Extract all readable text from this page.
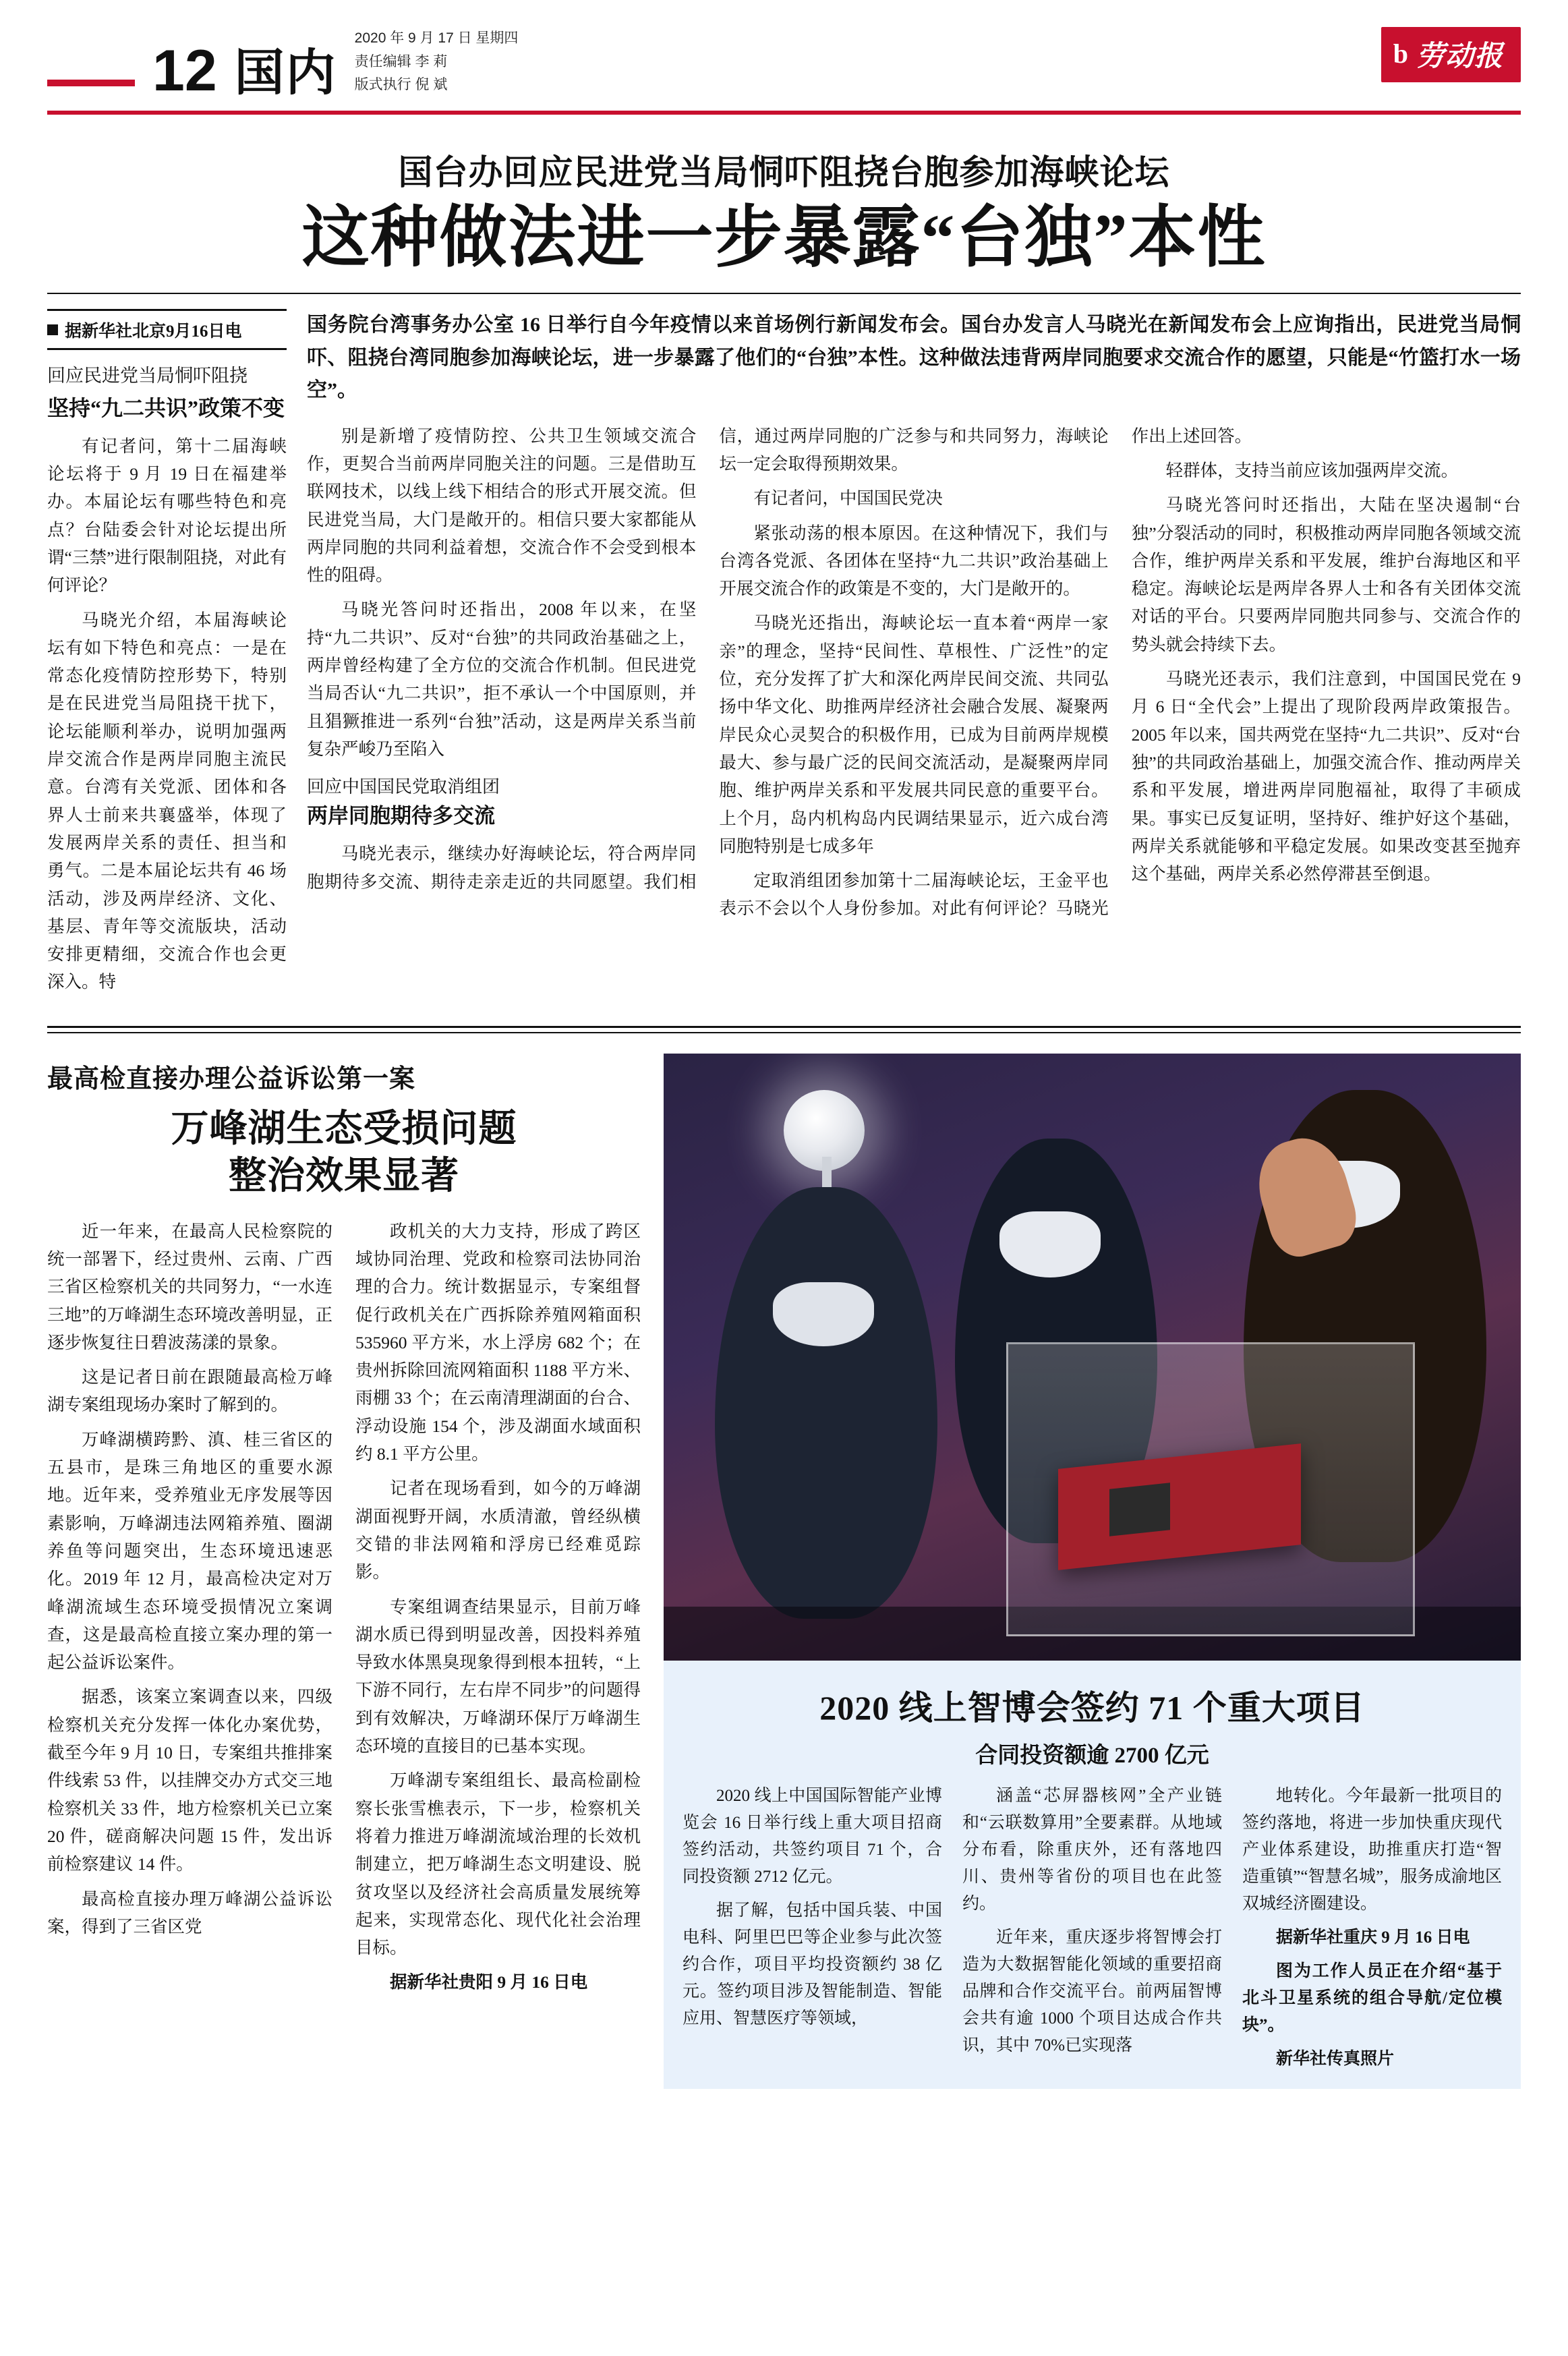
12 国内
2020 年 9 月 17 日 星期四
责任编辑 李 莉
版式执行 倪 斌
b 劳动报
国台办回应民进党当局恫吓阻挠台胞参加海峡论坛
这种做法进一步暴露“台独”本性
据新华社北京9月16日电
回应民进党当局恫吓阻挠
坚持“九二共识”政策不变

有记者问，第十二届海峡论坛将于 9 月 19 日在福建举办。本届论坛有哪些特色和亮点？台陆委会针对论坛提出所谓“三禁”进行限制阻挠，对此有何评论？

马晓光介绍，本届海峡论坛有如下特色和亮点：一是在常态化疫情防控形势下，特别是在民进党当局阻挠干扰下，论坛能顺利举办，说明加强两岸交流合作是两岸同胞主流民意。台湾有关党派、团体和各界人士前来共襄盛举，体现了发展两岸关系的责任、担当和勇气。二是本届论坛共有 46 场活动，涉及两岸经济、文化、基层、青年等交流版块，活动安排更精细，交流合作也会更深入。特

国务院台湾事务办公室 16 日举行自今年疫情以来首场例行新闻发布会。国台办发言人马晓光在新闻发布会上应询指出，民进党当局恫吓、阻挠台湾同胞参加海峡论坛，进一步暴露了他们的“台独”本性。这种做法违背两岸同胞要求交流合作的愿望，只能是“竹篮打水一场空”。

别是新增了疫情防控、公共卫生领域交流合作，更契合当前两岸同胞关注的问题。三是借助互联网技术，以线上线下相结合的形式开展交流。但民进党当局，大门是敞开的。相信只要大家都能从两岸同胞的共同利益着想，交流合作不会受到根本性的阻碍。

马晓光答问时还指出，2008 年以来，在坚持“九二共识”、反对“台独”的共同政治基础之上，两岸曾经构建了全方位的交流合作机制。但民进党当局否认“九二共识”，拒不承认一个中国原则，并且猖獗推进一系列“台独”活动，这是两岸关系当前复杂严峻乃至陷入

回应中国国民党取消组团
两岸同胞期待多交流

马晓光表示，继续办好海峡论坛，符合两岸同胞期待多交流、期待走亲走近的共同愿望。我们相信，通过两岸同胞的广泛参与和共同努力，海峡论坛一定会取得预期效果。

有记者问，中国国民党决

紧张动荡的根本原因。在这种情况下，我们与台湾各党派、各团体在坚持“九二共识”政治基础上开展交流合作的政策是不变的，大门是敞开的。

马晓光还指出，海峡论坛一直本着“两岸一家亲”的理念，坚持“民间性、草根性、广泛性”的定位，充分发挥了扩大和深化两岸民间交流、共同弘扬中华文化、助推两岸经济社会融合发展、凝聚两岸民众心灵契合的积极作用，已成为目前两岸规模最大、参与最广泛的民间交流活动，是凝聚两岸同胞、维护两岸关系和平发展共同民意的重要平台。上个月，岛内机构岛内民调结果显示，近六成台湾同胞特别是七成多年

定取消组团参加第十二届海峡论坛，王金平也表示不会以个人身份参加。对此有何评论？马晓光作出上述回答。

轻群体，支持当前应该加强两岸交流。

马晓光答问时还指出，大陆在坚决遏制“台独”分裂活动的同时，积极推动两岸同胞各领域交流合作，维护两岸关系和平发展，维护台海地区和平稳定。海峡论坛是两岸各界人士和各有关团体交流对话的平台。只要两岸同胞共同参与、交流合作的势头就会持续下去。

马晓光还表示，我们注意到，中国国民党在 9 月 6 日“全代会”上提出了现阶段两岸政策报告。2005 年以来，国共两党在坚持“九二共识”、反对“台独”的共同政治基础上，加强交流合作、推动两岸关系和平发展，增进两岸同胞福祉，取得了丰硕成果。事实已反复证明，坚持好、维护好这个基础，两岸关系就能够和平稳定发展。如果改变甚至抛弃这个基础，两岸关系必然停滞甚至倒退。

最高检直接办理公益诉讼第一案
万峰湖生态受损问题
整治效果显著

近一年来，在最高人民检察院的统一部署下，经过贵州、云南、广西三省区检察机关的共同努力，“一水连三地”的万峰湖生态环境改善明显，正逐步恢复往日碧波荡漾的景象。

这是记者日前在跟随最高检万峰湖专案组现场办案时了解到的。

万峰湖横跨黔、滇、桂三省区的五县市，是珠三角地区的重要水源地。近年来，受养殖业无序发展等因素影响，万峰湖违法网箱养殖、圈湖养鱼等问题突出，生态环境迅速恶化。2019 年 12 月，最高检决定对万峰湖流域生态环境受损情况立案调查，这是最高检直接立案办理的第一起公益诉讼案件。

据悉，该案立案调查以来，四级检察机关充分发挥一体化办案优势，截至今年 9 月 10 日，专案组共推排案件线索 53 件，以挂牌交办方式交三地检察机关 33 件，地方检察机关已立案 20 件，磋商解决问题 15 件，发出诉前检察建议 14 件。

最高检直接办理万峰湖公益诉讼案，得到了三省区党

政机关的大力支持，形成了跨区域协同治理、党政和检察司法协同治理的合力。统计数据显示，专案组督促行政机关在广西拆除养殖网箱面积 535960 平方米，水上浮房 682 个；在贵州拆除回流网箱面积 1188 平方米、雨棚 33 个；在云南清理湖面的台合、浮动设施 154 个，涉及湖面水域面积约 8.1 平方公里。

记者在现场看到，如今的万峰湖湖面视野开阔，水质清澈，曾经纵横交错的非法网箱和浮房已经难觅踪影。

专案组调查结果显示，目前万峰湖水质已得到明显改善，因投料养殖导致水体黑臭现象得到根本扭转，“上下游不同行，左右岸不同步”的问题得到有效解决，万峰湖环保厅万峰湖生态环境的直接目的已基本实现。

万峰湖专案组组长、最高检副检察长张雪樵表示，下一步，检察机关将着力推进万峰湖流域治理的长效机制建立，把万峰湖生态文明建设、脱贫攻坚以及经济社会高质量发展统筹起来，实现常态化、现代化社会治理目标。

据新华社贵阳 9 月 16 日电

2020 线上智博会签约 71 个重大项目
合同投资额逾 2700 亿元

2020 线上中国国际智能产业博览会 16 日举行线上重大项目招商签约活动，共签约项目 71 个，合同投资额 2712 亿元。

据了解，包括中国兵装、中国电科、阿里巴巴等企业参与此次签约合作，项目平均投资额约 38 亿元。签约项目涉及智能制造、智能应用、智慧医疗等领域，

涵盖“芯屏器核网”全产业链和“云联数算用”全要素群。从地域分布看，除重庆外，还有落地四川、贵州等省份的项目也在此签约。

近年来，重庆逐步将智博会打造为大数据智能化领域的重要招商品牌和合作交流平台。前两届智博会共有逾 1000 个项目达成合作共识，其中 70%已实现落

地转化。今年最新一批项目的签约落地，将进一步加快重庆现代产业体系建设，助推重庆打造“智造重镇”“智慧名城”，服务成渝地区双城经济圈建设。

据新华社重庆 9 月 16 日电

图为工作人员正在介绍“基于北斗卫星系统的组合导航/定位模块”。

新华社传真照片
